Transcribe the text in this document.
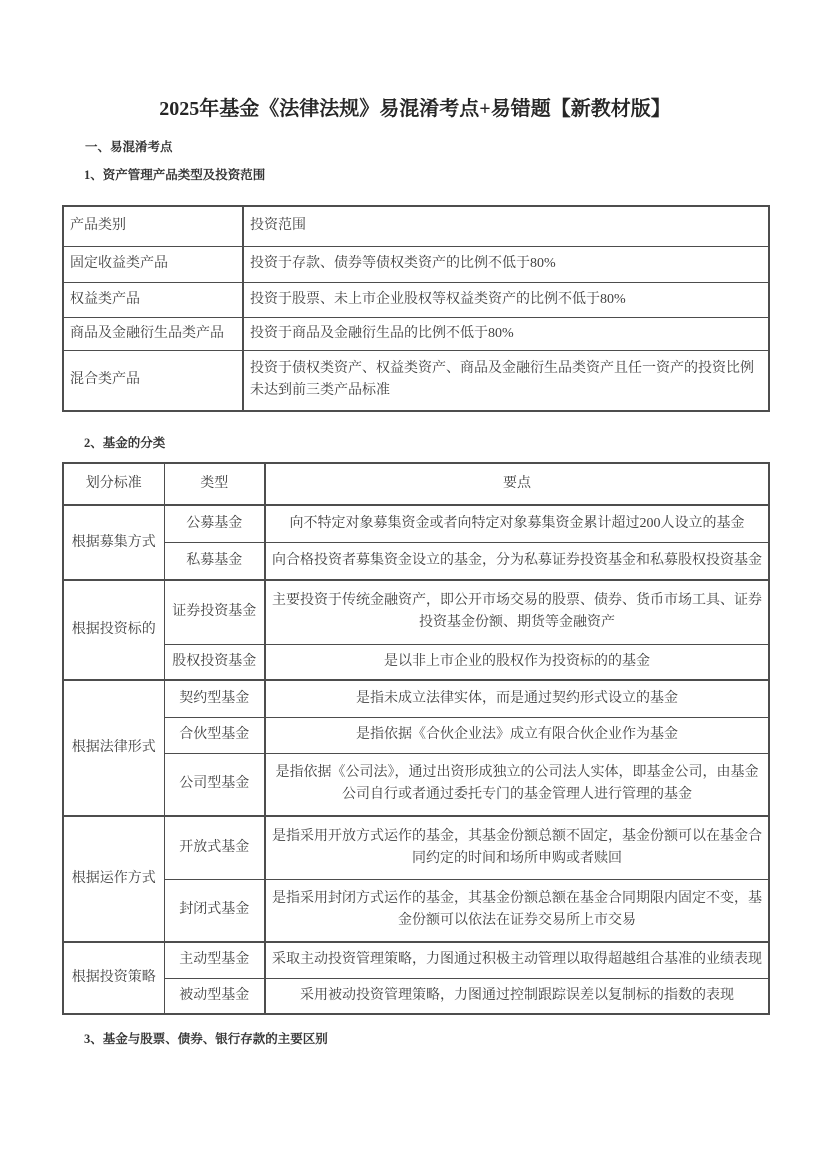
2025年基金《法律法规》易混淆考点+易错题【新教材版】
一、易混淆考点
1、资产管理产品类型及投资范围
产品类别	投资范围
固定收益类产品	投资于存款、债券等债权类资产的比例不低于80%
权益类产品	投资于股票、未上市企业股权等权益类资产的比例不低于80%
商品及金融衍生品类产品	投资于商品及金融衍生品的比例不低于80%
混合类产品	投资于债权类资产、权益类资产、商品及金融衍生品类资产且任一资产的投资比例未达到前三类产品标准
2、基金的分类
划分标准	类型	要点
根据募集方式	公募基金	向不特定对象募集资金或者向特定对象募集资金累计超过200人设立的基金
	私募基金	向合格投资者募集资金设立的基金，分为私募证券投资基金和私募股权投资基金
根据投资标的	证券投资基金	主要投资于传统金融资产，即公开市场交易的股票、债券、货币市场工具、证券投资基金份额、期货等金融资产
	股权投资基金	是以非上市企业的股权作为投资标的的基金
根据法律形式	契约型基金	是指未成立法律实体，而是通过契约形式设立的基金
	合伙型基金	是指依据《合伙企业法》成立有限合伙企业作为基金
	公司型基金	是指依据《公司法》，通过出资形成独立的公司法人实体，即基金公司，由基金公司自行或者通过委托专门的基金管理人进行管理的基金
根据运作方式	开放式基金	是指采用开放方式运作的基金，其基金份额总额不固定，基金份额可以在基金合同约定的时间和场所申购或者赎回
	封闭式基金	是指采用封闭方式运作的基金，其基金份额总额在基金合同期限内固定不变，基金份额可以依法在证券交易所上市交易
根据投资策略	主动型基金	采取主动投资管理策略，力图通过积极主动管理以取得超越组合基准的业绩表现
	被动型基金	采用被动投资管理策略，力图通过控制跟踪误差以复制标的指数的表现
3、基金与股票、债券、银行存款的主要区别
